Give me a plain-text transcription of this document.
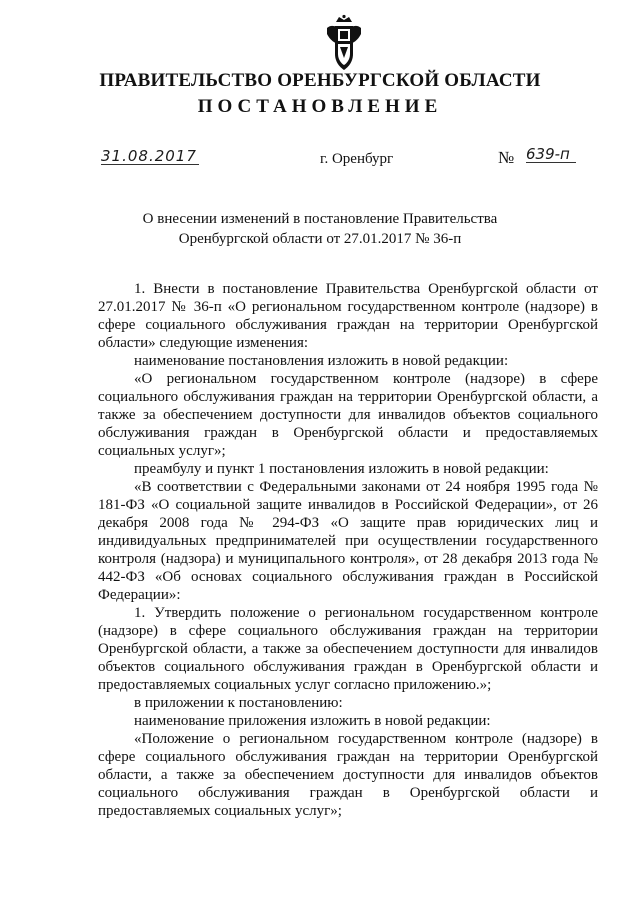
ПРАВИТЕЛЬСТВО ОРЕНБУРГСКОЙ ОБЛАСТИ
ПОСТАНОВЛЕНИЕ
31.08.2017	г. Оренбург	№ 639-п

О внесении изменений в постановление Правительства

Оренбургской области от 27.01.2017 № 36-п

1. Внести в постановление Правительства Оренбургской области от 27.01.2017 № 36-п «О региональном государственном контроле (надзоре) в сфере социального обслуживания граждан на территории Оренбургской области» следующие изменения:

наименование постановления изложить в новой редакции:

«О региональном государственном контроле (надзоре) в сфере социального обслуживания граждан на территории Оренбургской области, а также за обеспечением доступности для инвалидов объектов социального обслуживания граждан в Оренбургской области и предоставляемых социальных услуг»;

преамбулу и пункт 1 постановления изложить в новой редакции:

«В соответствии с Федеральными законами от 24 ноября 1995 года № 181-ФЗ «О социальной защите инвалидов в Российской Федерации», от 26 декабря 2008 года № 294-ФЗ «О защите прав юридических лиц и индивидуальных предпринимателей при осуществлении государственного контроля (надзора) и муниципального контроля», от 28 декабря 2013 года № 442-ФЗ «Об основах социального обслуживания граждан в Российской Федерации»:

1. Утвердить положение о региональном государственном контроле (надзоре) в сфере социального обслуживания граждан на территории Оренбургской области, а также за обеспечением доступности для инвалидов объектов социального обслуживания граждан в Оренбургской области и предоставляемых социальных услуг согласно приложению.»;

в приложении к постановлению:

наименование приложения изложить в новой редакции:

«Положение о региональном государственном контроле (надзоре) в сфере социального обслуживания граждан на территории Оренбургской области, а также за обеспечением доступности для инвалидов объектов социального обслуживания граждан в Оренбургской области и предоставляемых социальных услуг»;
